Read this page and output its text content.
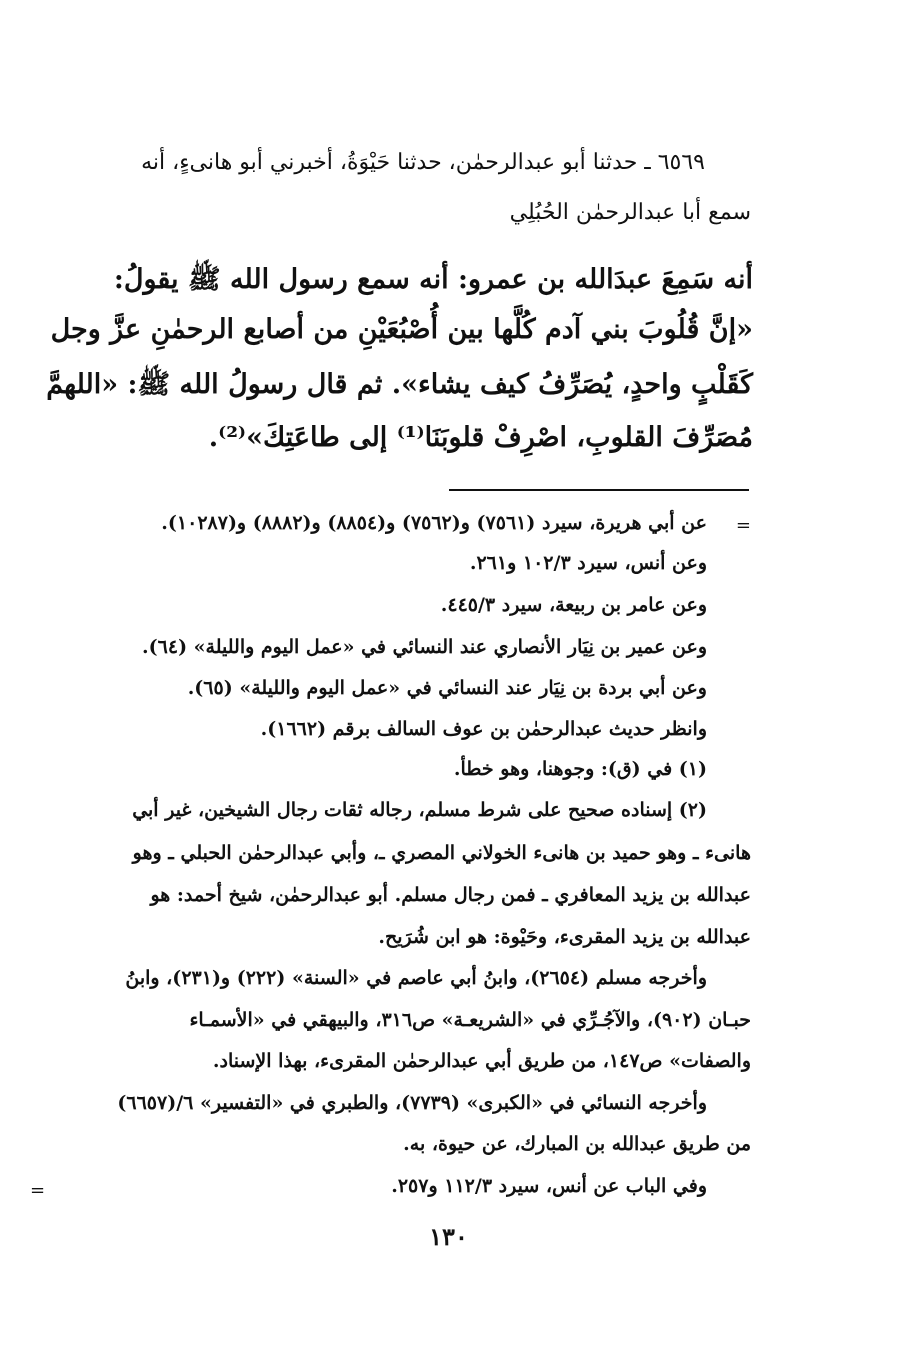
٦٥٦٩ ـ حدثنا أبو عبدالرحمٰن، حدثنا حَيْوَةُ، أخبرني أبو هانىءٍ، أنه
سمع أبا عبدالرحمٰن الحُبُلِي
أنه سَمِعَ عبدَالله بن عمرو: أنه سمع رسول الله ﷺ يقولُ:
«إنَّ قُلُوبَ بني آدم كُلَّها بين أُصْبُعَيْنِ من أصابع الرحمٰنِ عزَّ وجل
كَقَلْبٍ واحدٍ، يُصَرِّفُ كيف يشاء». ثم قال رسولُ الله ﷺ: «اللهمَّ
مُصَرِّفَ القلوبِ، اصْرِفْ قلوبَنَا⁽¹⁾ إلى طاعَتِكَ»⁽²⁾.
=
عن أبي هريرة، سيرد (٧٥٦١) و(٧٥٦٢) و(٨٨٥٤) و(٨٨٨٢) و(١٠٢٨٧).
وعن أنس، سيرد ١٠٢/٣ و٢٦١.
وعن عامر بن ربيعة، سيرد ٤٤٥/٣.
وعن عمير بن نِيَار الأنصاري عند النسائي في «عمل اليوم والليلة» (٦٤).
وعن أبي بردة بن نِيَار عند النسائي في «عمل اليوم والليلة» (٦٥).
وانظر حديث عبدالرحمٰن بن عوف السالف برقم (١٦٦٢).
(١) في (ق): وجوهنا، وهو خطأ.
(٢) إسناده صحيح على شرط مسلم، رجاله ثقات رجال الشيخين، غير أبي
هانىء ـ وهو حميد بن هانىء الخولاني المصري ـ، وأبي عبدالرحمٰن الحبلي ـ وهو
عبدالله بن يزيد المعافري ـ فمن رجال مسلم. أبو عبدالرحمٰن، شيخ أحمد: هو
عبدالله بن يزيد المقرىء، وحَيْوة: هو ابن شُرَيح.
وأخرجه مسلم (٢٦٥٤)، وابنُ أبي عاصم في «السنة» (٢٢٢) و(٢٣١)، وابنُ
حبـان (٩٠٢)، والآجُـرِّي في «الشريعـة» ص٣١٦، والبيهقي في «الأسمـاء
والصفات» ص١٤٧، من طريق أبي عبدالرحمٰن المقرىء، بهذا الإسناد.
وأخرجه النسائي في «الكبرى» (٧٧٣٩)، والطبري في «التفسير» ٦/(٦٦٥٧)
من طريق عبدالله بن المبارك، عن حيوة، به.
وفي الباب عن أنس، سيرد ١١٢/٣ و٢٥٧.
=
١٣٠
